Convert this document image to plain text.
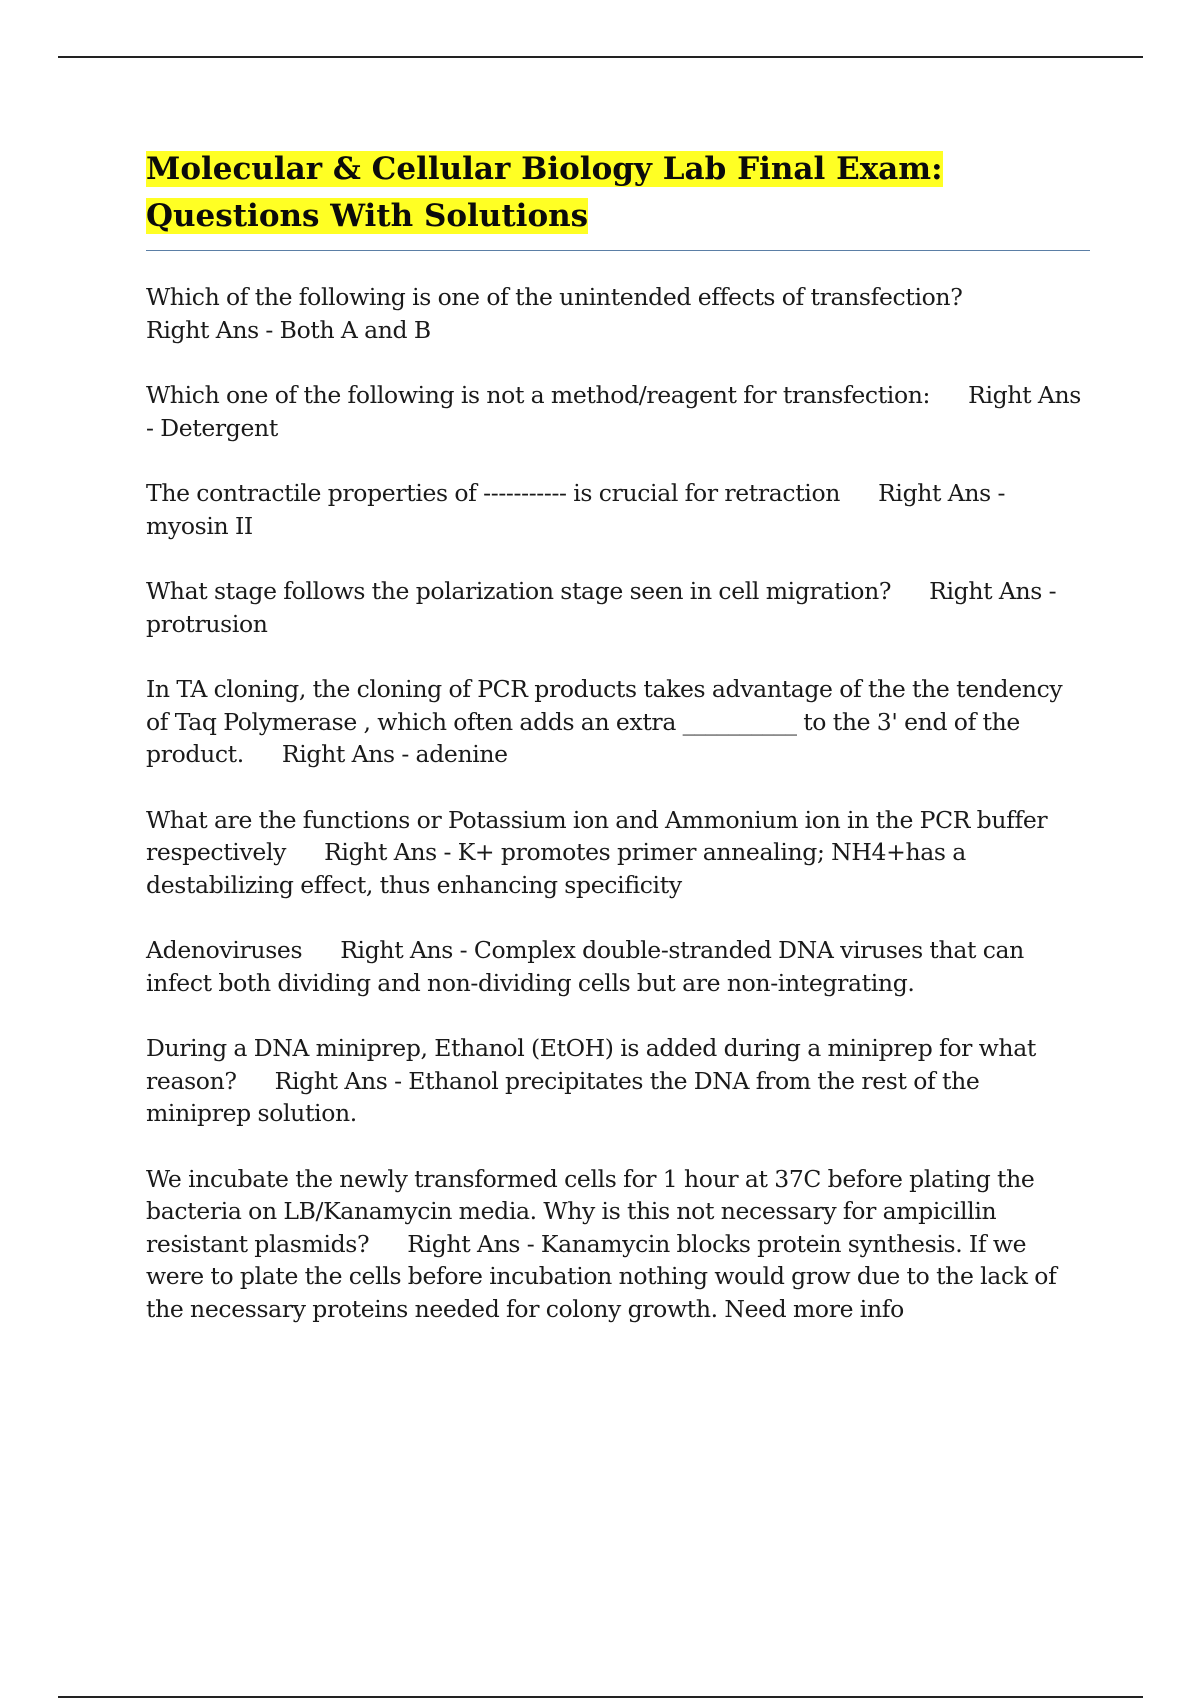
Molecular & Cellular Biology Lab Final Exam:
Questions With Solutions

Which of the following is one of the unintended effects of transfection?
Right Ans - Both A and B

Which one of the following is not a method/reagent for transfection: Right Ans - Detergent

The contractile properties of ----------- is crucial for retraction Right Ans - myosin II

What stage follows the polarization stage seen in cell migration? Right Ans - protrusion

In TA cloning, the cloning of PCR products takes advantage of the the tendency of Taq Polymerase , which often adds an extra __________ to the 3' end of the product. Right Ans - adenine

What are the functions or Potassium ion and Ammonium ion in the PCR buffer respectively Right Ans - K+ promotes primer annealing; NH4+has a destabilizing effect, thus enhancing specificity

Adenoviruses Right Ans - Complex double-stranded DNA viruses that can infect both dividing and non-dividing cells but are non-integrating.

During a DNA miniprep, Ethanol (EtOH) is added during a miniprep for what reason? Right Ans - Ethanol precipitates the DNA from the rest of the miniprep solution.

We incubate the newly transformed cells for 1 hour at 37C before plating the bacteria on LB/Kanamycin media. Why is this not necessary for ampicillin resistant plasmids? Right Ans - Kanamycin blocks protein synthesis. If we were to plate the cells before incubation nothing would grow due to the lack of the necessary proteins needed for colony growth. Need more info
